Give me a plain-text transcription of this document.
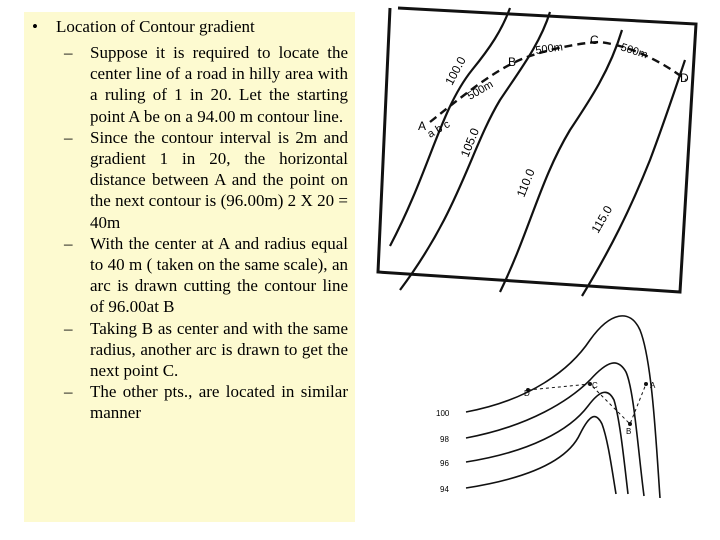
• Location of Contour gradient
– Suppose it is required to locate the center line of a road in hilly area with a ruling of 1 in 20. Let the starting point A be on a 94.00 m contour line.
– Since the contour interval is 2m and gradient 1 in 20, the horizontal distance between A and the point on the next contour is (96.00m) 2 X 20 = 40m
– With the center at A and radius equal to 40 m ( taken on the same scale), an arc is drawn cutting the contour line of 96.00at B
– Taking B as center and with the same radius, another arc is drawn to get the next point C.
– The other pts., are located in similar manner
100.0
105.0
110.0
115.0
500m
500m	500m
A
B
C
D
a b c
A
B
C
D
100
98
96
94
